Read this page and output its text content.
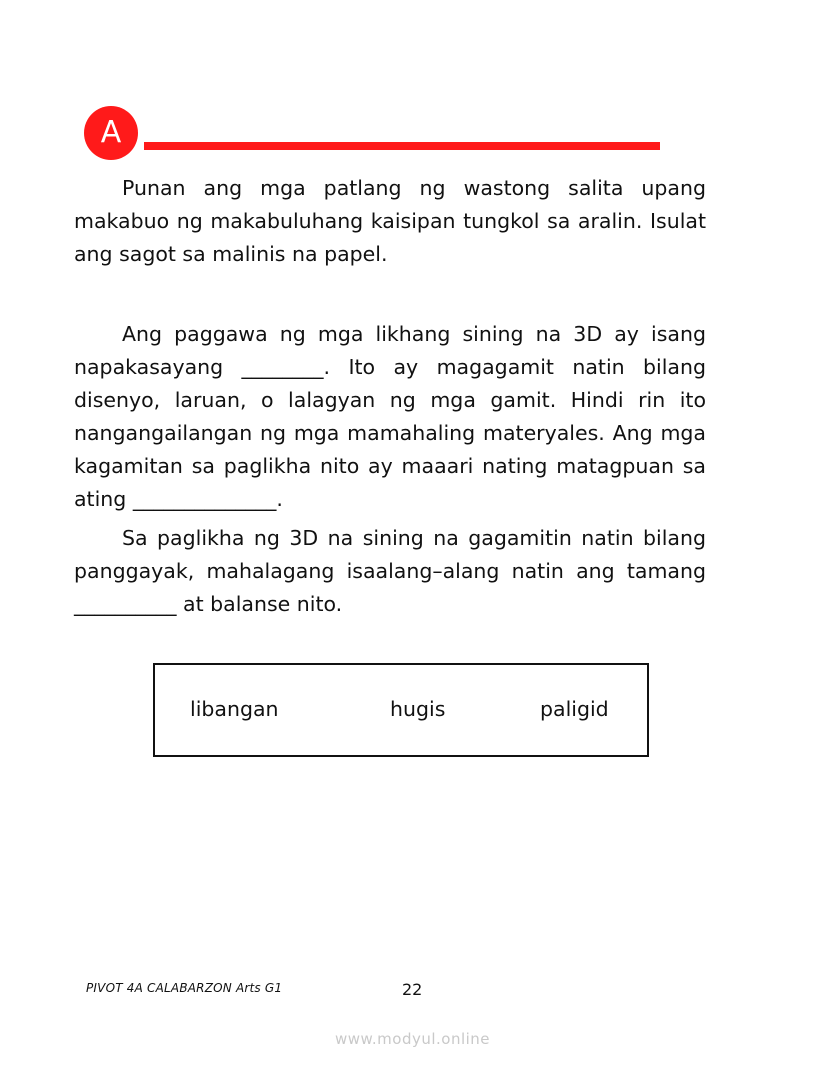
A

Punan ang mga patlang ng wastong salita upang makabuo ng makabuluhang kaisipan tungkol sa aralin. Isulat ang sagot sa malinis na papel.

Ang paggawa ng mga likhang sining na 3D ay isang napakasayang ________. Ito ay magagamit natin bilang disenyo, laruan, o lalagyan ng mga gamit. Hindi rin ito nangangailangan ng mga mamahaling materyales. Ang mga kagamitan sa paglikha nito ay maaari nating matagpuan sa ating ______________.

Sa paglikha ng 3D na sining na gagamitin natin bilang panggayak, mahalagang isaalang–alang natin ang tamang __________ at balanse nito.

libangan	hugis	paligid
PIVOT 4A CALABARZON Arts G1	22
www.modyul.online
